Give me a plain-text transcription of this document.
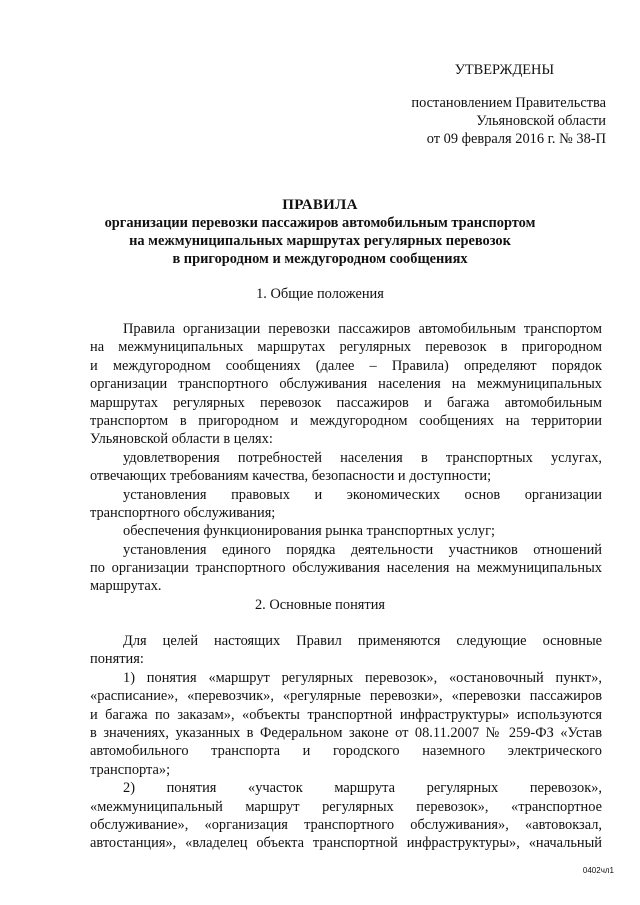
УТВЕРЖДЕНЫ
постановлением Правительства
Ульяновской области
от 09 февраля 2016 г. № 38-П
ПРАВИЛА
организации перевозки пассажиров автомобильным транспортом
на межмуниципальных маршрутах регулярных перевозок
в пригородном и междугородном сообщениях
1. Общие положения
Правила организации перевозки пассажиров автомобильным транспортом
на межмуниципальных маршрутах регулярных перевозок в пригородном
и междугородном сообщениях (далее – Правила) определяют порядок
организации транспортного обслуживания населения на межмуниципальных
маршрутах регулярных перевозок пассажиров и багажа автомобильным
транспортом в пригородном и междугородном сообщениях на территории
Ульяновской области в целях:
удовлетворения потребностей населения в транспортных услугах,
отвечающих требованиям качества, безопасности и доступности;
установления правовых и экономических основ организации
транспортного обслуживания;
обеспечения функционирования рынка транспортных услуг;
установления единого порядка деятельности участников отношений
по организации транспортного обслуживания населения на межмуниципальных
маршрутах.
2. Основные понятия
Для целей настоящих Правил применяются следующие основные
понятия:
1) понятия «маршрут регулярных перевозок», «остановочный пункт»,
«расписание», «перевозчик», «регулярные перевозки», «перевозки пассажиров
и багажа по заказам», «объекты транспортной инфраструктуры» используются
в значениях, указанных в Федеральном законе от 08.11.2007 № 259-ФЗ «Устав
автомобильного транспорта и городского наземного электрического
транспорта»;
2) понятия «участок маршрута регулярных перевозок»,
«межмуниципальный маршрут регулярных перевозок», «транспортное
обслуживание», «организация транспортного обслуживания», «автовокзал,
автостанция», «владелец объекта транспортной инфраструктуры», «начальный
0402чл1
